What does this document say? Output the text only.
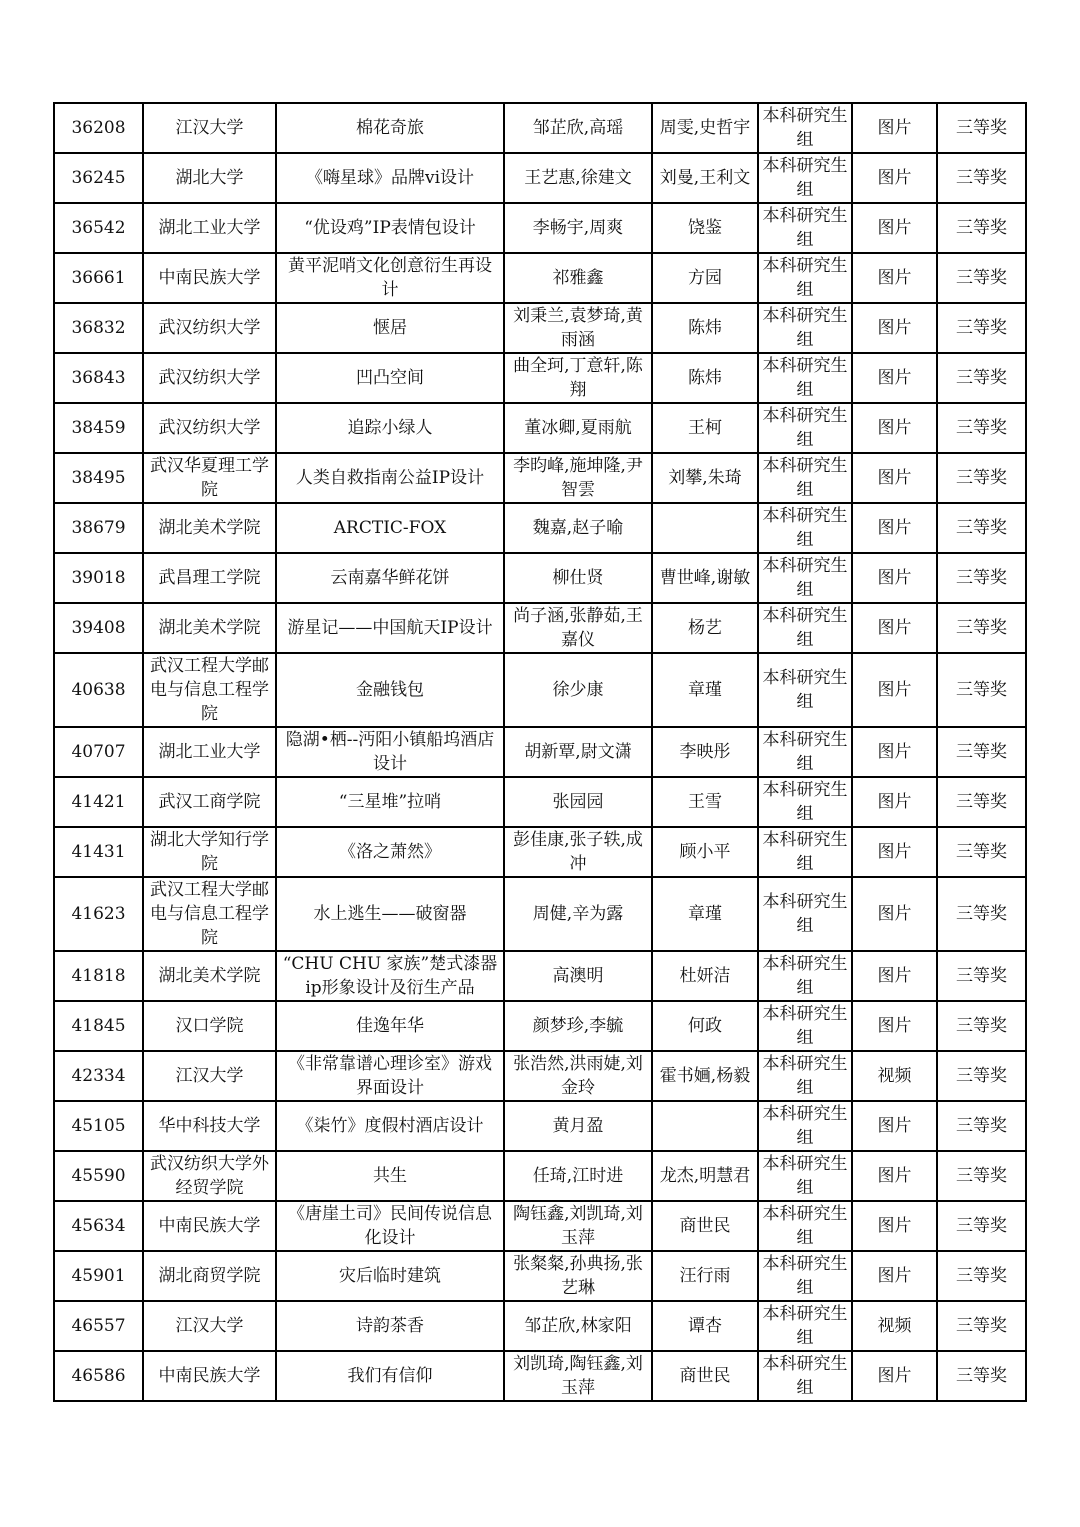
36208	江汉大学	棉花奇旅	邹芷欣,高瑶	周雯,史哲宇	本科研究生组	图片	三等奖
36245	湖北大学	《嗨星球》品牌vi设计	王艺惠,徐建文	刘曼,王利文	本科研究生组	图片	三等奖
36542	湖北工业大学	“优设鸡”IP表情包设计	李畅宇,周爽	饶鉴	本科研究生组	图片	三等奖
36661	中南民族大学	黄平泥哨文化创意衍生再设计	祁雅鑫	方园	本科研究生组	图片	三等奖
36832	武汉纺织大学	惬居	刘秉兰,袁梦琦,黄雨涵	陈炜	本科研究生组	图片	三等奖
36843	武汉纺织大学	凹凸空间	曲全珂,丁意轩,陈翔	陈炜	本科研究生组	图片	三等奖
38459	武汉纺织大学	追踪小绿人	董冰卿,夏雨航	王柯	本科研究生组	图片	三等奖
38495	武汉华夏理工学院	人类自救指南公益IP设计	李昀峰,施坤隆,尹智雲	刘攀,朱琦	本科研究生组	图片	三等奖
38679	湖北美术学院	ARCTIC-FOX	魏嘉,赵子喻		本科研究生组	图片	三等奖
39018	武昌理工学院	云南嘉华鲜花饼	柳仕贤	曹世峰,谢敏	本科研究生组	图片	三等奖
39408	湖北美术学院	游星记——中国航天IP设计	尚子涵,张静茹,王嘉仪	杨艺	本科研究生组	图片	三等奖
40638	武汉工程大学邮电与信息工程学院	金融钱包	徐少康	章瑾	本科研究生组	图片	三等奖
40707	湖北工业大学	隐湖•栖--沔阳小镇船坞酒店设计	胡新覃,尉文潇	李映彤	本科研究生组	图片	三等奖
41421	武汉工商学院	“三星堆”拉哨	张园园	王雪	本科研究生组	图片	三等奖
41431	湖北大学知行学院	《洛之萧然》	彭佳康,张子轶,成冲	顾小平	本科研究生组	图片	三等奖
41623	武汉工程大学邮电与信息工程学院	水上逃生——破窗器	周健,辛为露	章瑾	本科研究生组	图片	三等奖
41818	湖北美术学院	“CHU CHU 家族”楚式漆器ip形象设计及衍生产品	高澳明	杜妍洁	本科研究生组	图片	三等奖
41845	汉口学院	佳逸年华	颜梦珍,李毓	何政	本科研究生组	图片	三等奖
42334	江汉大学	《非常靠谱心理诊室》游戏界面设计	张浩然,洪雨婕,刘金玲	霍书婳,杨毅	本科研究生组	视频	三等奖
45105	华中科技大学	《柒竹》度假村酒店设计	黄月盈		本科研究生组	图片	三等奖
45590	武汉纺织大学外经贸学院	共生	任琦,江时进	龙杰,明慧君	本科研究生组	图片	三等奖
45634	中南民族大学	《唐崖土司》民间传说信息化设计	陶钰鑫,刘凯琦,刘玉萍	商世民	本科研究生组	图片	三等奖
45901	湖北商贸学院	灾后临时建筑	张粲粲,孙典扬,张艺琳	汪行雨	本科研究生组	图片	三等奖
46557	江汉大学	诗韵茶香	邹芷欣,林家阳	谭杏	本科研究生组	视频	三等奖
46586	中南民族大学	我们有信仰	刘凯琦,陶钰鑫,刘玉萍	商世民	本科研究生组	图片	三等奖
